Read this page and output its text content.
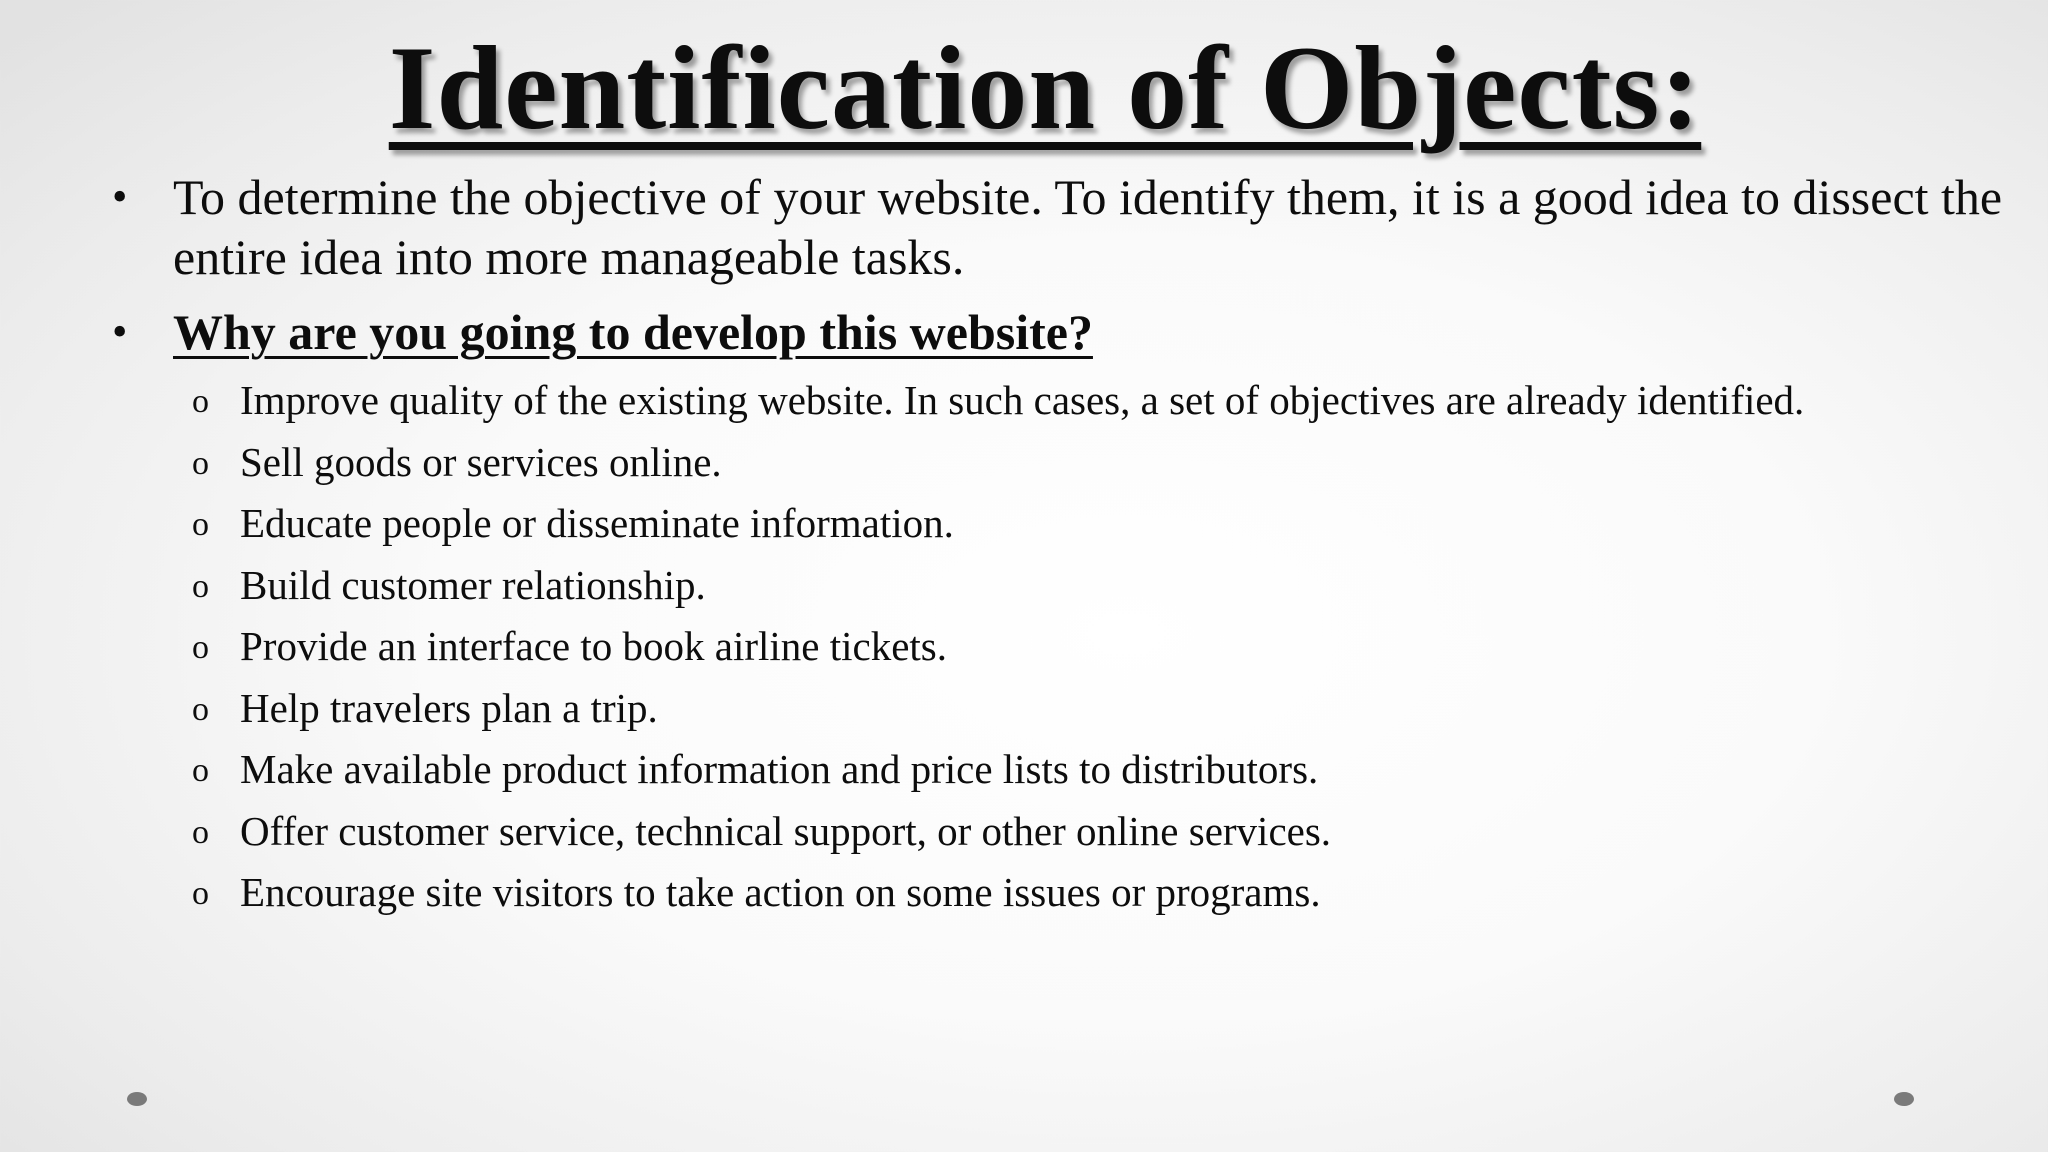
Identification of Objects:
• To determine the objective of your website. To identify them, it is a good idea to dissect the entire idea into more manageable tasks.
• Why are you going to develop this website?
o Improve quality of the existing website. In such cases, a set of objectives are already identified.
o Sell goods or services online.
o Educate people or disseminate information.
o Build customer relationship.
o Provide an interface to book airline tickets.
o Help travelers plan a trip.
o Make available product information and price lists to distributors.
o Offer customer service, technical support, or other online services.
o Encourage site visitors to take action on some issues or programs.
